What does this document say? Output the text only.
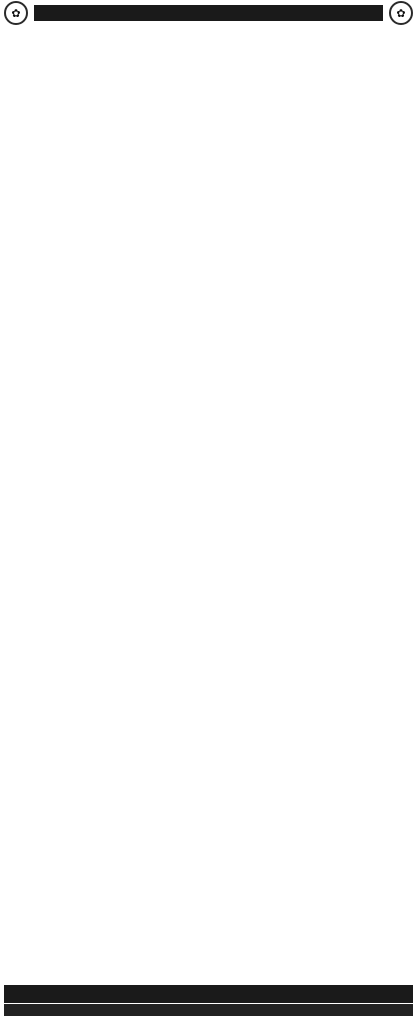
✿	✿
